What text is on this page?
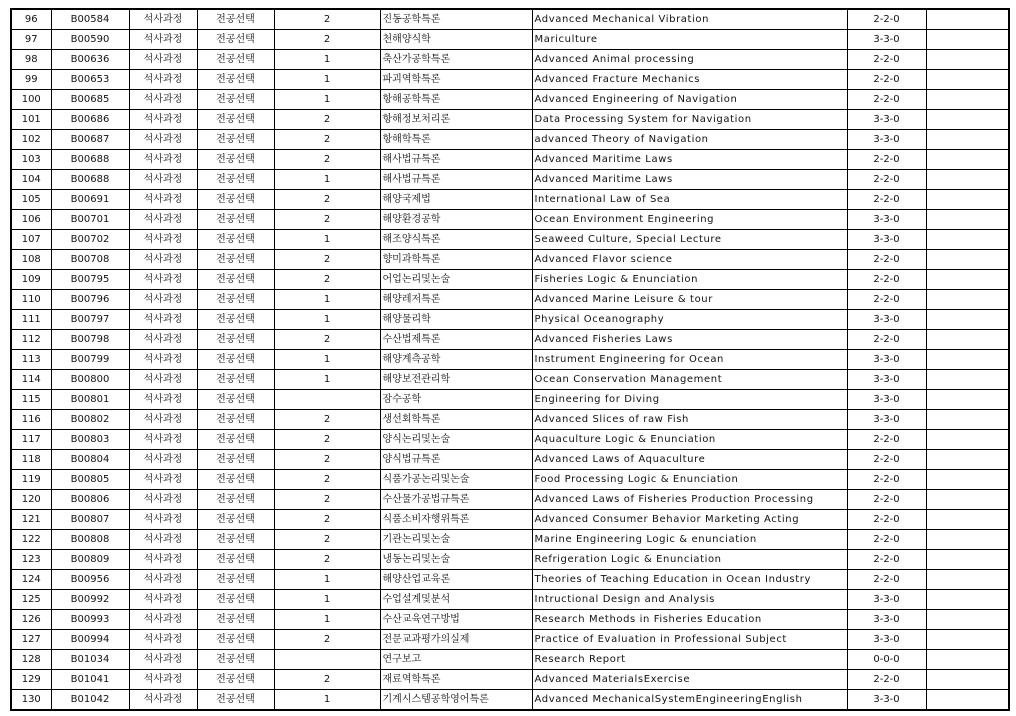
96	B00584	석사과정	전공선택	2	진동공학특론	Advanced Mechanical Vibration	2-2-0	
97	B00590	석사과정	전공선택	2	천해양식학	Mariculture	3-3-0	
98	B00636	석사과정	전공선택	1	축산가공학특론	Advanced Animal processing	2-2-0	
99	B00653	석사과정	전공선택	1	파괴역학특론	Advanced Fracture Mechanics	2-2-0	
100	B00685	석사과정	전공선택	1	항해공학특론	Advanced Engineering of Navigation	2-2-0	
101	B00686	석사과정	전공선택	2	항해정보처리론	Data Processing System for Navigation	3-3-0	
102	B00687	석사과정	전공선택	2	항해학특론	advanced Theory of Navigation	3-3-0	
103	B00688	석사과정	전공선택	2	해사법규특론	Advanced Maritime Laws	2-2-0	
104	B00688	석사과정	전공선택	1	해사법규특론	Advanced Maritime Laws	2-2-0	
105	B00691	석사과정	전공선택	2	해양국제법	International Law of Sea	2-2-0	
106	B00701	석사과정	전공선택	2	해양환경공학	Ocean Environment Engineering	3-3-0	
107	B00702	석사과정	전공선택	1	해조양식특론	Seaweed Culture, Special Lecture	3-3-0	
108	B00708	석사과정	전공선택	2	향미과학특론	Advanced Flavor science	2-2-0	
109	B00795	석사과정	전공선택	2	어업논리및논술	Fisheries Logic & Enunciation	2-2-0	
110	B00796	석사과정	전공선택	1	해양레저특론	Advanced Marine Leisure & tour	2-2-0	
111	B00797	석사과정	전공선택	1	해양물리학	Physical Oceanography	3-3-0	
112	B00798	석사과정	전공선택	2	수산법제특론	Advanced Fisheries Laws	2-2-0	
113	B00799	석사과정	전공선택	1	해양계측공학	Instrument Engineering for Ocean	3-3-0	
114	B00800	석사과정	전공선택	1	해양보전관리학	Ocean Conservation Management	3-3-0	
115	B00801	석사과정	전공선택		잠수공학	Engineering for Diving	3-3-0	
116	B00802	석사과정	전공선택	2	생선회학특론	Advanced Slices of raw Fish	3-3-0	
117	B00803	석사과정	전공선택	2	양식논리및논술	Aquaculture Logic & Enunciation	2-2-0	
118	B00804	석사과정	전공선택	2	양식법규특론	Advanced Laws of Aquaculture	2-2-0	
119	B00805	석사과정	전공선택	2	식품가공논리및논술	Food Processing Logic & Enunciation	2-2-0	
120	B00806	석사과정	전공선택	2	수산물가공법규특론	Advanced Laws of Fisheries Production Processing	2-2-0	
121	B00807	석사과정	전공선택	2	식품소비자행위특론	Advanced Consumer Behavior Marketing Acting	2-2-0	
122	B00808	석사과정	전공선택	2	기관논리및논술	Marine Engineering Logic & enunciation	2-2-0	
123	B00809	석사과정	전공선택	2	냉동논리및논술	Refrigeration Logic & Enunciation	2-2-0	
124	B00956	석사과정	전공선택	1	해양산업교육론	Theories of Teaching Education in Ocean Industry	2-2-0	
125	B00992	석사과정	전공선택	1	수업설계및분석	Intructional Design and Analysis	3-3-0	
126	B00993	석사과정	전공선택	1	수산교육연구방법	Research Methods in Fisheries Education	3-3-0	
127	B00994	석사과정	전공선택	2	전문교과평가의실제	Practice of Evaluation in Professional Subject	3-3-0	
128	B01034	석사과정	전공선택		연구보고	Research Report	0-0-0	
129	B01041	석사과정	전공선택	2	재료역학특론	Advanced MaterialsExercise	2-2-0	
130	B01042	석사과정	전공선택	1	기계시스템공학영어특론	Advanced MechanicalSystemEngineeringEnglish	3-3-0	
